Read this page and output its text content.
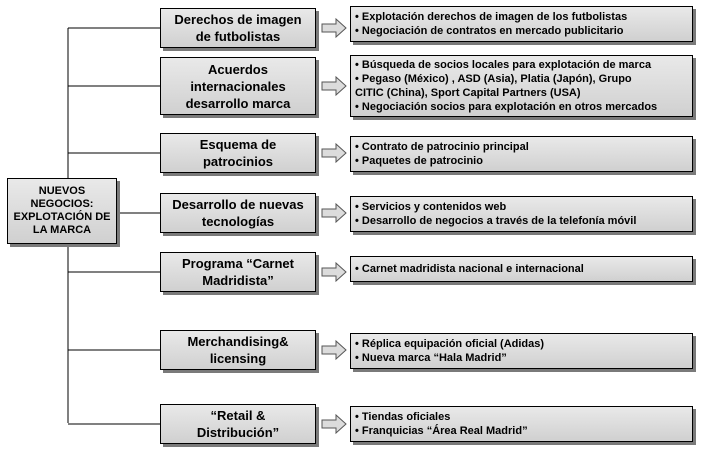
NUEVOS
NEGOCIOS:
EXPLOTACIÓN DE
LA MARCA
Derechos de imagen
de futbolistas
Acuerdos
internacionales
desarrollo marca
Esquema de
patrocinios
Desarrollo de nuevas
tecnologías
Programa “Carnet
Madridista”
Merchandising&
licensing
“Retail &
Distribución”
• Explotación derechos de imagen de los futbolistas
• Negociación de contratos en mercado publicitario
• Búsqueda de socios locales para explotación de marca
• Pegaso (México) , ASD (Asia), Platia (Japón), Grupo
CITIC (China), Sport Capital Partners (USA)
• Negociación socios para explotación en otros mercados
• Contrato de patrocinio principal
• Paquetes de patrocinio
• Servicios y contenidos web
• Desarrollo de negocios a través de la telefonía móvil
• Carnet madridista nacional e internacional
• Réplica equipación oficial (Adidas)
• Nueva marca “Hala Madrid”
• Tiendas oficiales
• Franquicias “Área Real Madrid”
